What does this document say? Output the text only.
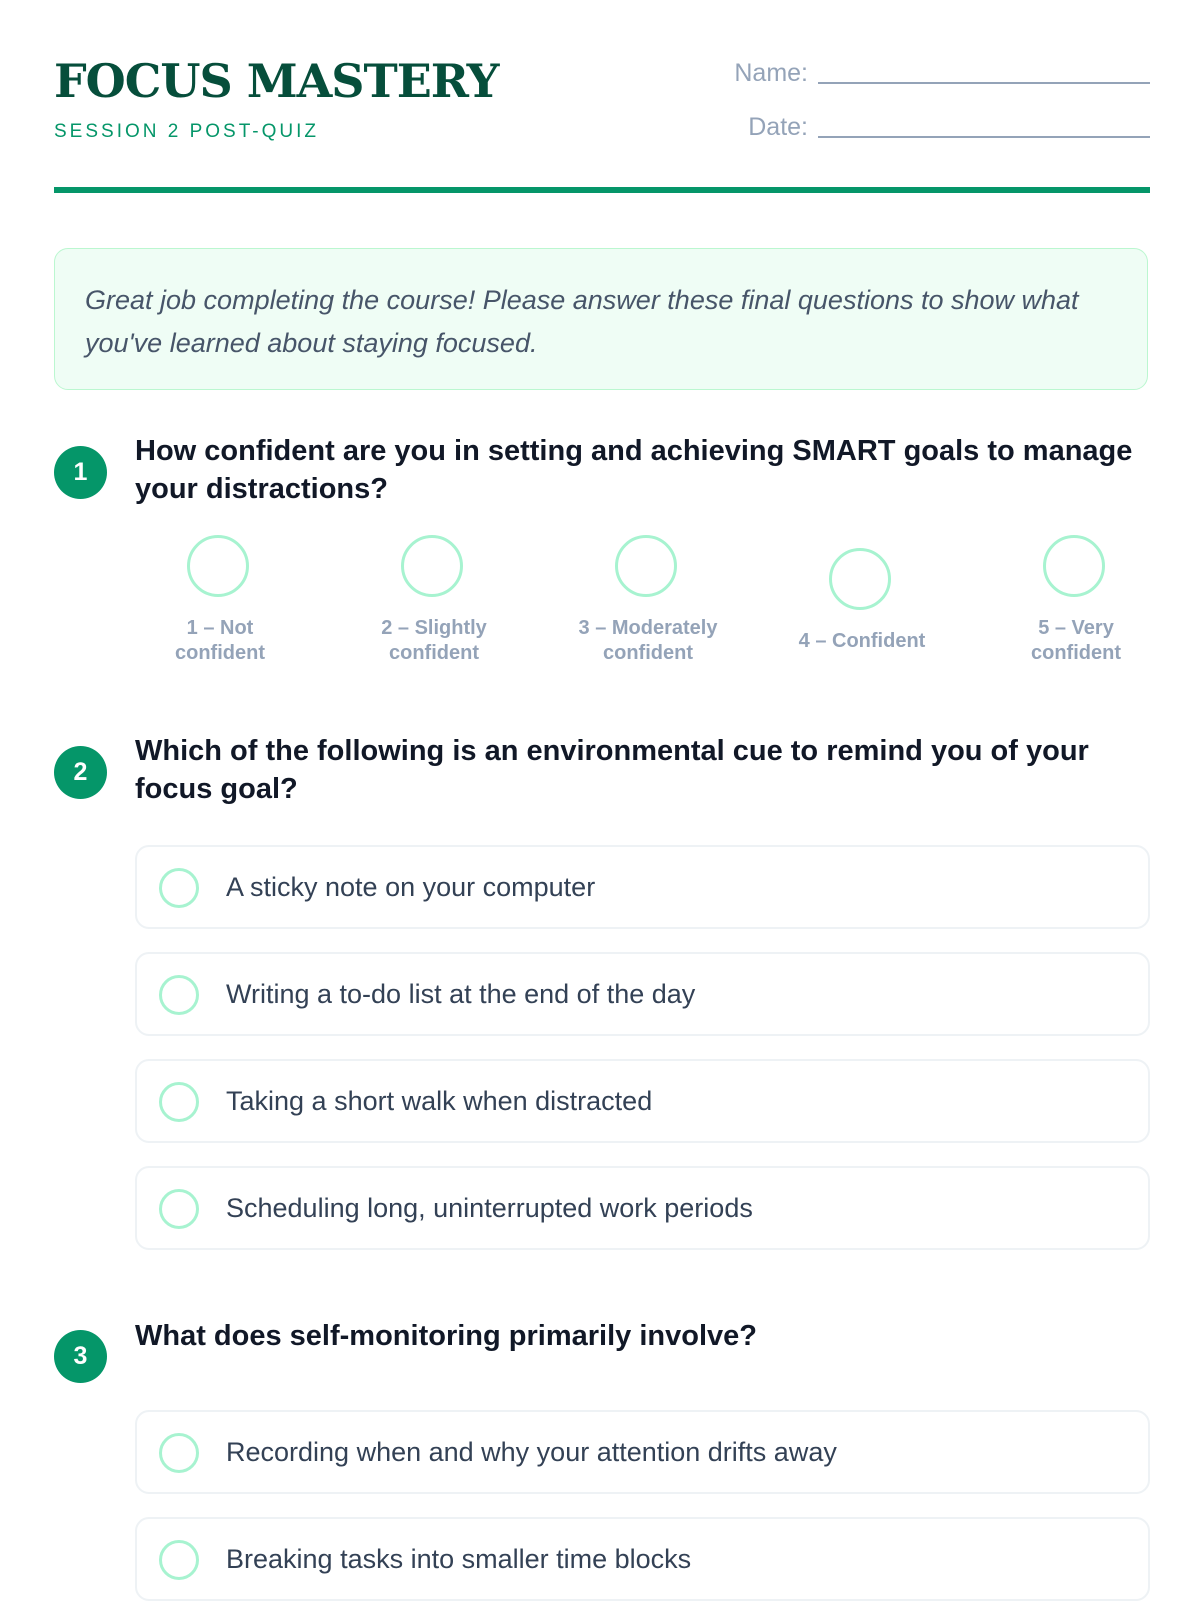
FOCUS MASTERY

SESSION 2 POST-QUIZ

Name:
Date:

Great job completing the course! Please answer these final questions to show what you've learned about staying focused.

1

How confident are you in setting and achieving SMART goals to manage your distractions?

1 – Not
confident
2 – Slightly
confident
3 – Moderately
confident
4 – Confident
5 – Very
confident
2

Which of the following is an environmental cue to remind you of your focus goal?

A sticky note on your computer
Writing a to-do list at the end of the day
Taking a short walk when distracted
Scheduling long, uninterrupted work periods
3

What does self-monitoring primarily involve?

Recording when and why your attention drifts away
Breaking tasks into smaller time blocks
